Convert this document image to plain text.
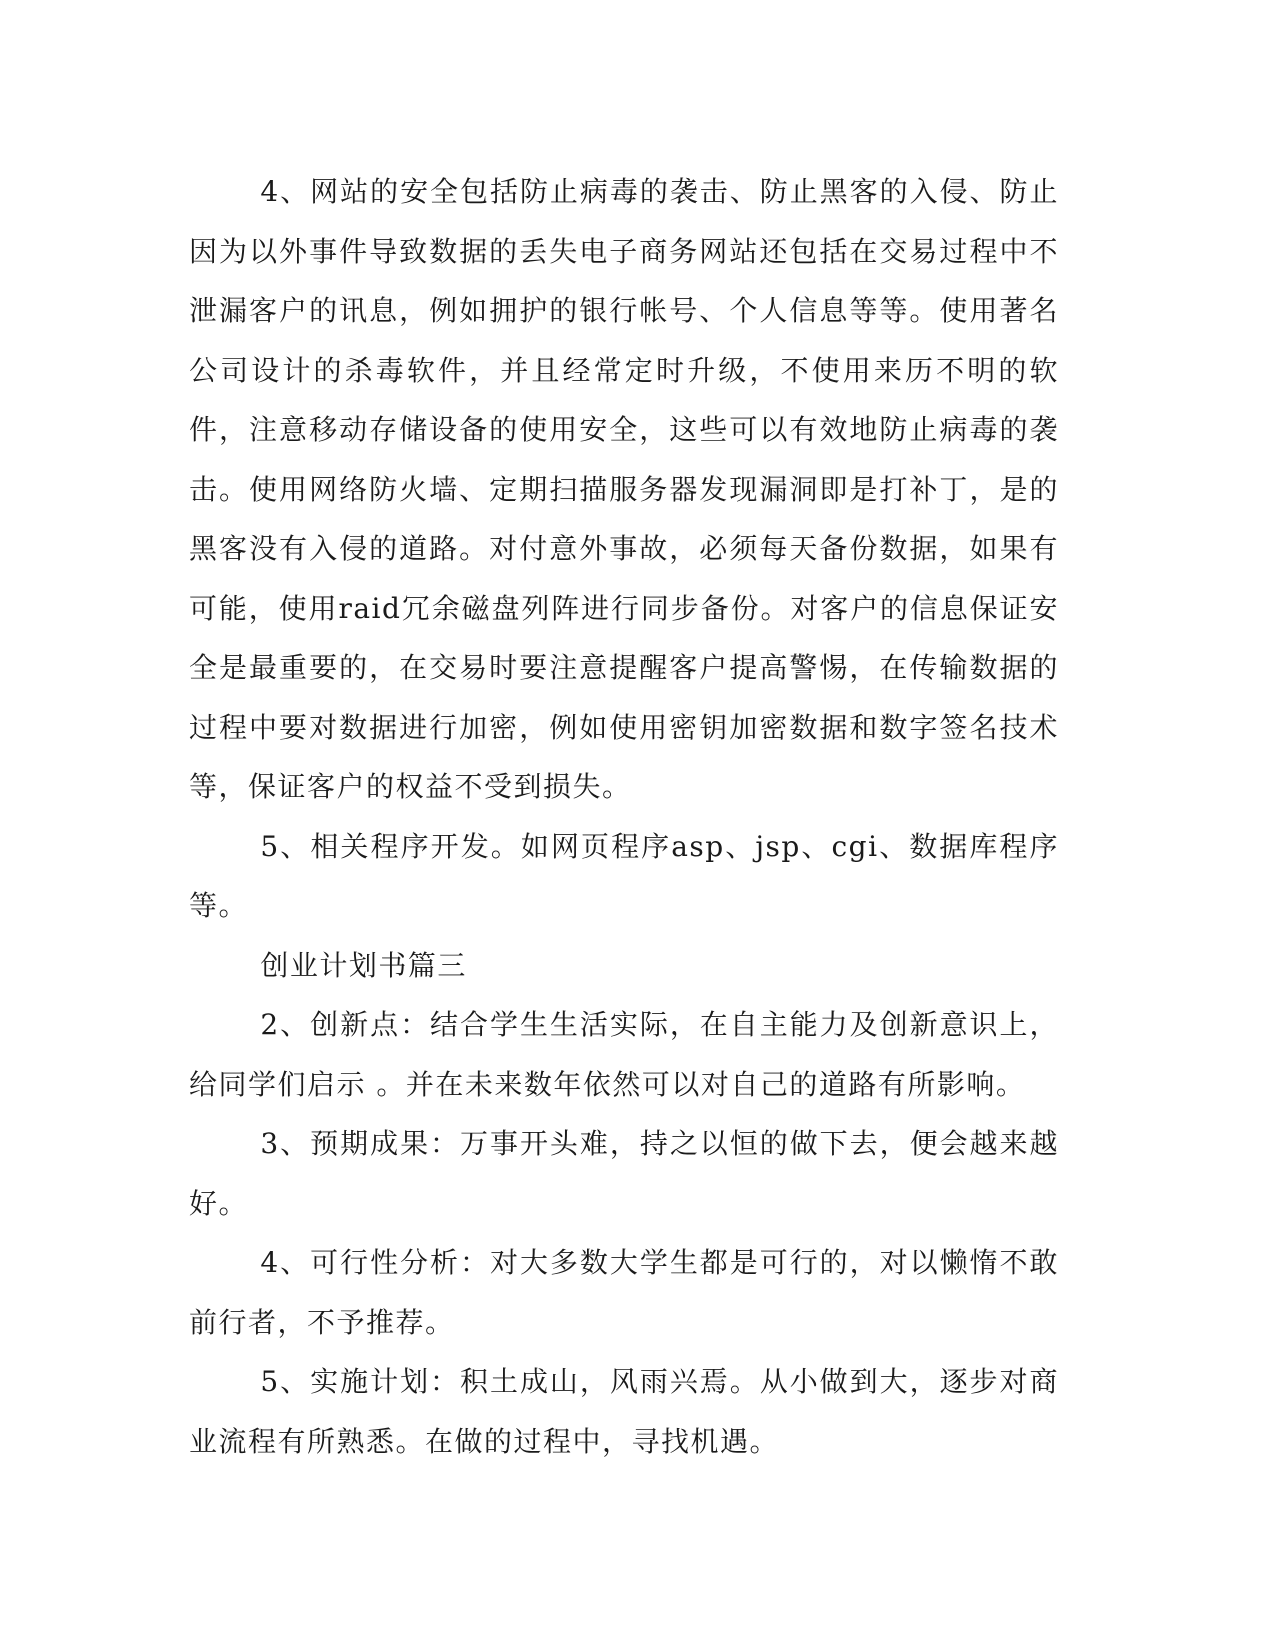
4、网站的安全包括防止病毒的袭击、防止黑客的入侵、防止因为以外事件导致数据的丢失电子商务网站还包括在交易过程中不泄漏客户的讯息，例如拥护的银行帐号、个人信息等等。使用著名公司设计的杀毒软件，并且经常定时升级，不使用来历不明的软件，注意移动存储设备的使用安全，这些可以有效地防止病毒的袭击。使用网络防火墙、定期扫描服务器发现漏洞即是打补丁，是的黑客没有入侵的道路。对付意外事故，必须每天备份数据，如果有可能，使用raid冗余磁盘列阵进行同步备份。对客户的信息保证安全是最重要的，在交易时要注意提醒客户提高警惕，在传输数据的过程中要对数据进行加密，例如使用密钥加密数据和数字签名技术等，保证客户的权益不受到损失。

5、相关程序开发。如网页程序asp、jsp、cgi、数据库程序等。

创业计划书篇三

2、创新点：结合学生生活实际，在自主能力及创新意识上，给同学们启示 。并在未来数年依然可以对自己的道路有所影响。

3、预期成果：万事开头难，持之以恒的做下去，便会越来越好。

4、可行性分析：对大多数大学生都是可行的，对以懒惰不敢前行者，不予推荐。

5、实施计划：积土成山，风雨兴焉。从小做到大，逐步对商业流程有所熟悉。在做的过程中，寻找机遇。
